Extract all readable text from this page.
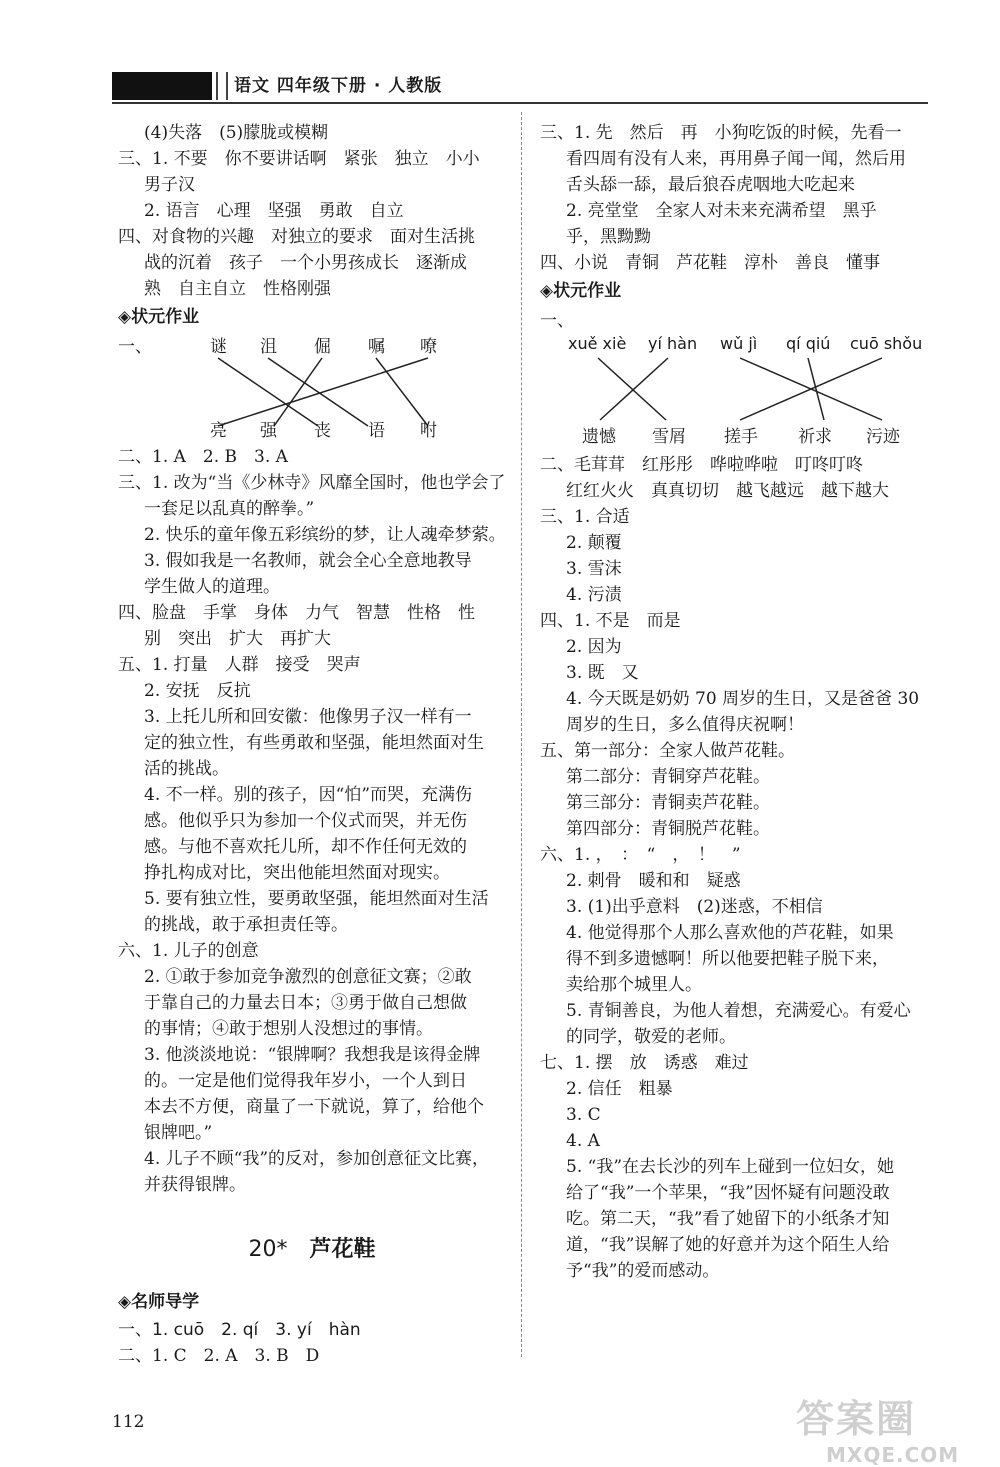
语文 四年级下册 · 人教版
(4)失落　(5)朦胧或模糊
三、1. 不要　你不要讲话啊　紧张　独立　小小
男子汉
2. 语言　心理　坚强　勇敢　自立
四、对食物的兴趣　对独立的要求　面对生活挑
战的沉着　孩子　一个小男孩成长　逐渐成
熟　自主自立　性格刚强
◈状元作业
一、	谜 沮 倔 嘱 嘹
亮 强 丧 语 咐
二、1. A　2. B　3. A
三、1. 改为“当《少林寺》风靡全国时，他也学会了
一套足以乱真的醉拳。”
2. 快乐的童年像五彩缤纷的梦，让人魂牵梦萦。
3. 假如我是一名教师，就会全心全意地教导
学生做人的道理。
四、脸盘　手掌　身体　力气　智慧　性格　性
别　突出　扩大　再扩大
五、1. 打量　人群　接受　哭声
2. 安抚　反抗
3. 上托儿所和回安徽：他像男子汉一样有一
定的独立性，有些勇敢和坚强，能坦然面对生
活的挑战。
4. 不一样。别的孩子，因“怕”而哭，充满伤
感。他似乎只为参加一个仪式而哭，并无伤
感。与他不喜欢托儿所，却不作任何无效的
挣扎构成对比，突出他能坦然面对现实。
5. 要有独立性，要勇敢坚强，能坦然面对生活
的挑战，敢于承担责任等。
六、1. 儿子的创意
2. ①敢于参加竞争激烈的创意征文赛；②敢
于靠自己的力量去日本；③勇于做自己想做
的事情；④敢于想别人没想过的事情。
3. 他淡淡地说：“银牌啊？我想我是该得金牌
的。一定是他们觉得我年岁小，一个人到日
本去不方便，商量了一下就说，算了，给他个
银牌吧。”
4. 儿子不顾“我”的反对，参加创意征文比赛，
并获得银牌。
20* 芦花鞋
◈名师导学
一、1. cuō　2. qí　3. yí　hàn
二、1. C　2. A　3. B　D
三、1. 先　然后　再　小狗吃饭的时候，先看一
看四周有没有人来，再用鼻子闻一闻，然后用
舌头舔一舔，最后狼吞虎咽地大吃起来
2. 亮堂堂　全家人对未来充满希望　黑乎
乎，黑黝黝
四、小说　青铜　芦花鞋　淳朴　善良　懂事
◈状元作业
一、
xuě xiè yí hàn wǔ jì qí qiú cuō shǒu
遗憾 雪屑 搓手 祈求 污迹
二、毛茸茸　红彤彤　哗啦哗啦　叮咚叮咚
红红火火　真真切切　越飞越远　越下越大
三、1. 合适
2. 颠覆
3. 雪沫
4. 污渍
四、1. 不是　而是
2. 因为
3. 既　又
4. 今天既是奶奶 70 周岁的生日，又是爸爸 30
周岁的生日，多么值得庆祝啊！
五、第一部分：全家人做芦花鞋。
第二部分：青铜穿芦花鞋。
第三部分：青铜卖芦花鞋。
第四部分：青铜脱芦花鞋。
六、1. ，　：　“　，　！　”
2. 刺骨　暖和和　疑惑
3. (1)出乎意料　(2)迷惑，不相信
4. 他觉得那个人那么喜欢他的芦花鞋，如果
得不到多遗憾啊！所以他要把鞋子脱下来，
卖给那个城里人。
5. 青铜善良，为他人着想，充满爱心。有爱心
的同学，敬爱的老师。
七、1. 摆　放　诱惑　难过
2. 信任　粗暴
3. C
4. A
5. “我”在去长沙的列车上碰到一位妇女，她
给了“我”一个苹果，“我”因怀疑有问题没敢
吃。第二天，“我”看了她留下的小纸条才知
道，“我”误解了她的好意并为这个陌生人给
予“我”的爱而感动。
112	答案圈
MXQE.COM
